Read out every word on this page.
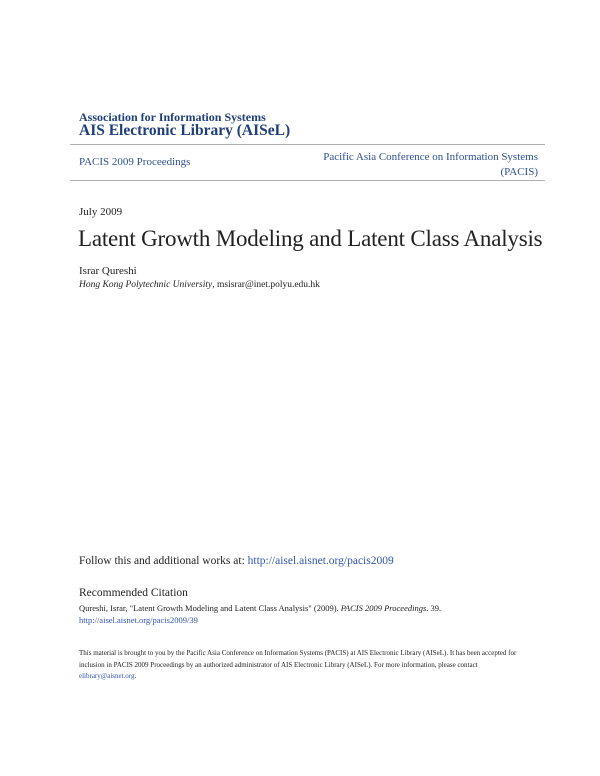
Association for Information Systems
AIS Electronic Library (AISeL)
PACIS 2009 Proceedings	Pacific Asia Conference on Information Systems
(PACIS)
July 2009
Latent Growth Modeling and Latent Class Analysis
Israr Qureshi
Hong Kong Polytechnic University, msisrar@inet.polyu.edu.hk
Follow this and additional works at: http://aisel.aisnet.org/pacis2009
Recommended Citation
Qureshi, Israr, "Latent Growth Modeling and Latent Class Analysis" (2009). PACIS 2009 Proceedings. 39.
http://aisel.aisnet.org/pacis2009/39
This material is brought to you by the Pacific Asia Conference on Information Systems (PACIS) at AIS Electronic Library (AISeL). It has been accepted for inclusion in PACIS 2009 Proceedings by an authorized administrator of AIS Electronic Library (AISeL). For more information, please contact elibrary@aisnet.org.
